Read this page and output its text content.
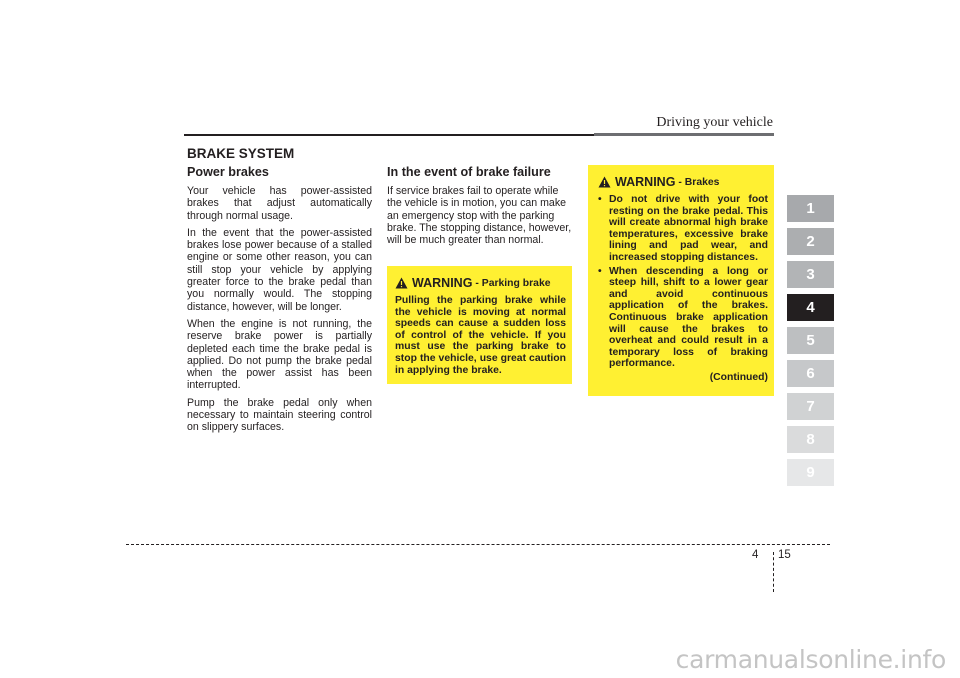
Driving your vehicle
BRAKE SYSTEM
Power brakes

Your vehicle has power-assisted brakes that adjust automatically through normal usage.

In the event that the power-assisted brakes lose power because of a stalled engine or some other reason, you can still stop your vehicle by applying greater force to the brake pedal than you normally would. The stopping distance, however, will be longer.

When the engine is not running, the reserve brake power is partially depleted each time the brake pedal is applied. Do not pump the brake pedal when the power assist has been interrupted.

Pump the brake pedal only when necessary to maintain steering control on slippery surfaces.

In the event of brake failure

If service brakes fail to operate while the vehicle is in motion, you can make an emergency stop with the parking brake. The stopping distance, however, will be much greater than normal.

WARNING - Parking brake

Pulling the parking brake while the vehicle is moving at normal speeds can cause a sudden loss of control of the vehicle. If you must use the parking brake to stop the vehicle, use great caution in applying the brake.

WARNING - Brakes
• Do not drive with your foot resting on the brake pedal. This will create abnormal high brake temperatures, excessive brake lining and pad wear, and increased stopping distances.
• When descending a long or steep hill, shift to a lower gear and avoid continuous application of the brakes. Continuous brake application will cause the brakes to overheat and could result in a temporary loss of braking performance.
(Continued)
1
2
3
4
5
6
7
8
9
4 15
carmanualsonline.info
